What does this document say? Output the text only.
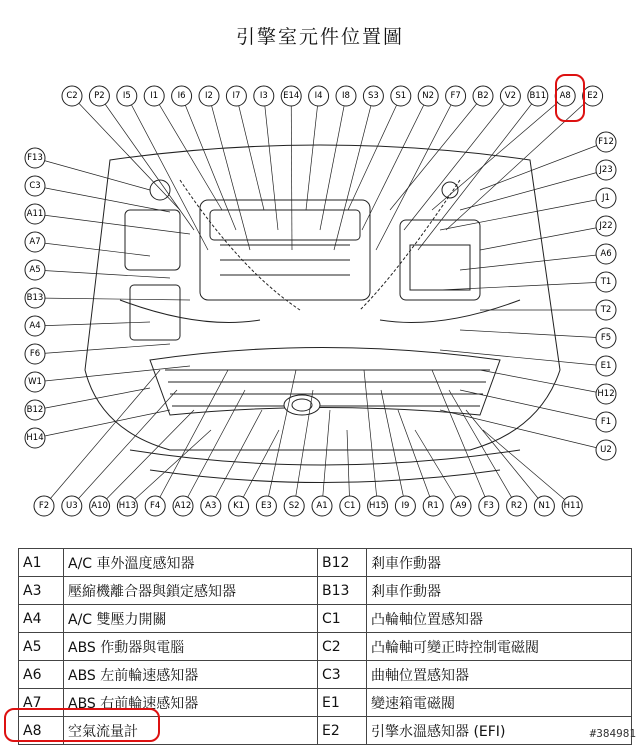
引擎室元件位置圖
C2 P2 I5 I1 I6 I2 I7 I3 E14 I4 I8 S3 S1 N2 F7 B2 V2 B11 A8 E2
F13
C3
A11
A7
A5
B13
A4
F6
W1
B12
H14
F12
J23
J1
J22
A6
T1
T2
F5
E1
H12
F1
U2
F2 U3 A10 H13 F4 A12 A3 K1 E3 S2 A1 C1 H15 I9 R1 A9 F3 R2 N1 H11
A1	A/C 車外溫度感知器	B12	剎車作動器
A3	壓縮機離合器與鎖定感知器	B13	剎車作動器
A4	A/C 雙壓力開關	C1	凸輪軸位置感知器
A5	ABS 作動器與電腦	C2	凸輪軸可變正時控制電磁閥
A6	ABS 左前輪速感知器	C3	曲軸位置感知器
A7	ABS 右前輪速感知器	E1	變速箱電磁閥
A8	空氣流量計	E2	引擎水溫感知器 (EFI)	#384981
